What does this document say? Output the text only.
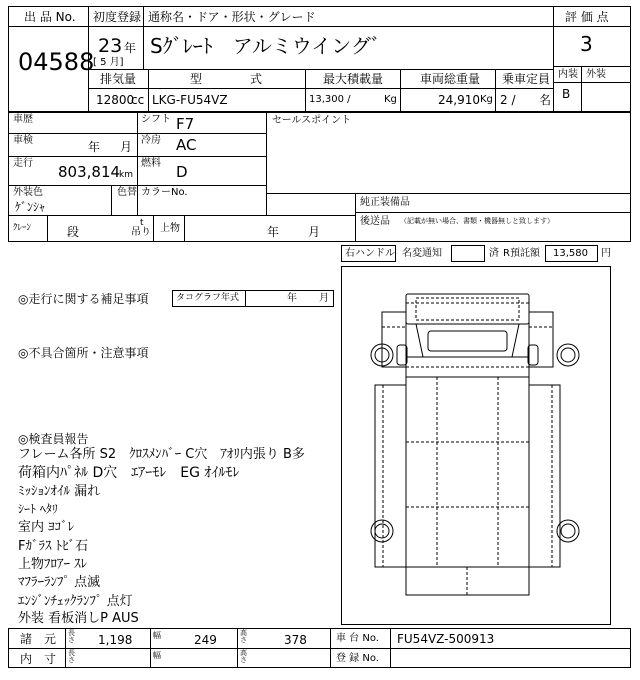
出 品 No.
04588
初度登録
23 年
[ 5 月]
通称名・ドア・形状・グレード
Sｸﾞﾚｰﾄ　アルミウイングﾞ
評 価 点
3
内装 外装
B
排気量
12800
cc
型　　　　式
LKG-FU54VZ
最大積載量
13,300 /	Kg
車両総重量
24,910 Kg
乗車定員
2 / 名
車歴	シフト F7	セールスポイント
車検	年 月 冷房 AC
走行 803,814
km
燃料 D
外装色
ｹﾞﾝｼｬ
色替 カラーNo.
純正装備品
後送品 （記載が無い場合、書類・機器無しと致します）
ｸﾚｰﾝ	段
t
吊り 上物	年 月
右ハンドル 名変通知	済 R預託額 13,580 円
◎走行に関する補足事項	タコグラフ年式	年 月
◎不具合箇所・注意事項
◎検査員報告
フレーム各所 S2　ｸﾛｽﾒﾝﾊﾞｰ C穴　ｱｵﾘ内張り B多
荷箱内ﾊﾟﾈﾙ D穴　ｴｱｰﾓﾚ　EG ｵｲﾙﾓﾚ
ﾐｯｼｮﾝｵｲﾙ 漏れ
ｼｰﾄ ﾍﾀﾘ
室内 ﾖｺﾞﾚ
Fｶﾞﾗｽ ﾄﾋﾞ石
上物ﾌﾛｱｰ ｽﾚ
ﾏﾌﾗｰﾗﾝﾌﾟ 点滅
ｴﾝｼﾞﾝﾁｪｯｸﾗﾝﾌﾟ 点灯
外装 看板消しP AUS
諸　元 長さ 1,198	幅	249	高さ	378	車 台 No. FU54VZ-500913
内　寸 長さ	幅	高さ	登 録 No.
